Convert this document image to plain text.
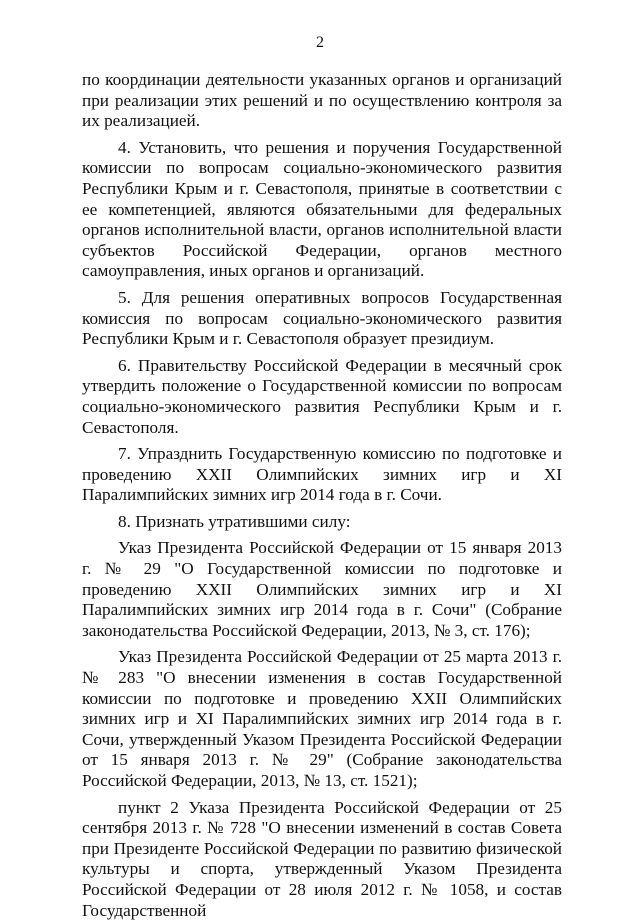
2

по координации деятельности указанных органов и организаций при реализации этих решений и по осуществлению контроля за их реализацией.

4. Установить, что решения и поручения Государственной комиссии по вопросам социально-экономического развития Республики Крым и г. Севастополя, принятые в соответствии с ее компетенцией, являются обязательными для федеральных органов исполнительной власти, органов исполнительной власти субъектов Российской Федерации, органов местного самоуправления, иных органов и организаций.

5. Для решения оперативных вопросов Государственная комиссия по вопросам социально-экономического развития Республики Крым и г. Севастополя образует президиум.

6. Правительству Российской Федерации в месячный срок утвердить положение о Государственной комиссии по вопросам социально-экономического развития Республики Крым и г. Севастополя.

7. Упразднить Государственную комиссию по подготовке и проведению XXII Олимпийских зимних игр и XI Паралимпийских зимних игр 2014 года в г. Сочи.

8. Признать утратившими силу:

Указ Президента Российской Федерации от 15 января 2013 г. № 29 "О Государственной комиссии по подготовке и проведению XXII Олимпийских зимних игр и XI Паралимпийских зимних игр 2014 года в г. Сочи" (Собрание законодательства Российской Федерации, 2013, № 3, ст. 176);

Указ Президента Российской Федерации от 25 марта 2013 г. № 283 "О внесении изменения в состав Государственной комиссии по подготовке и проведению XXII Олимпийских зимних игр и XI Паралимпийских зимних игр 2014 года в г. Сочи, утвержденный Указом Президента Российской Федерации от 15 января 2013 г. № 29" (Собрание законодательства Российской Федерации, 2013, № 13, ст. 1521);

пункт 2 Указа Президента Российской Федерации от 25 сентября 2013 г. № 728 "О внесении изменений в состав Совета при Президенте Российской Федерации по развитию физической культуры и спорта, утвержденный Указом Президента Российской Федерации от 28 июля 2012 г. № 1058, и состав Государственной
